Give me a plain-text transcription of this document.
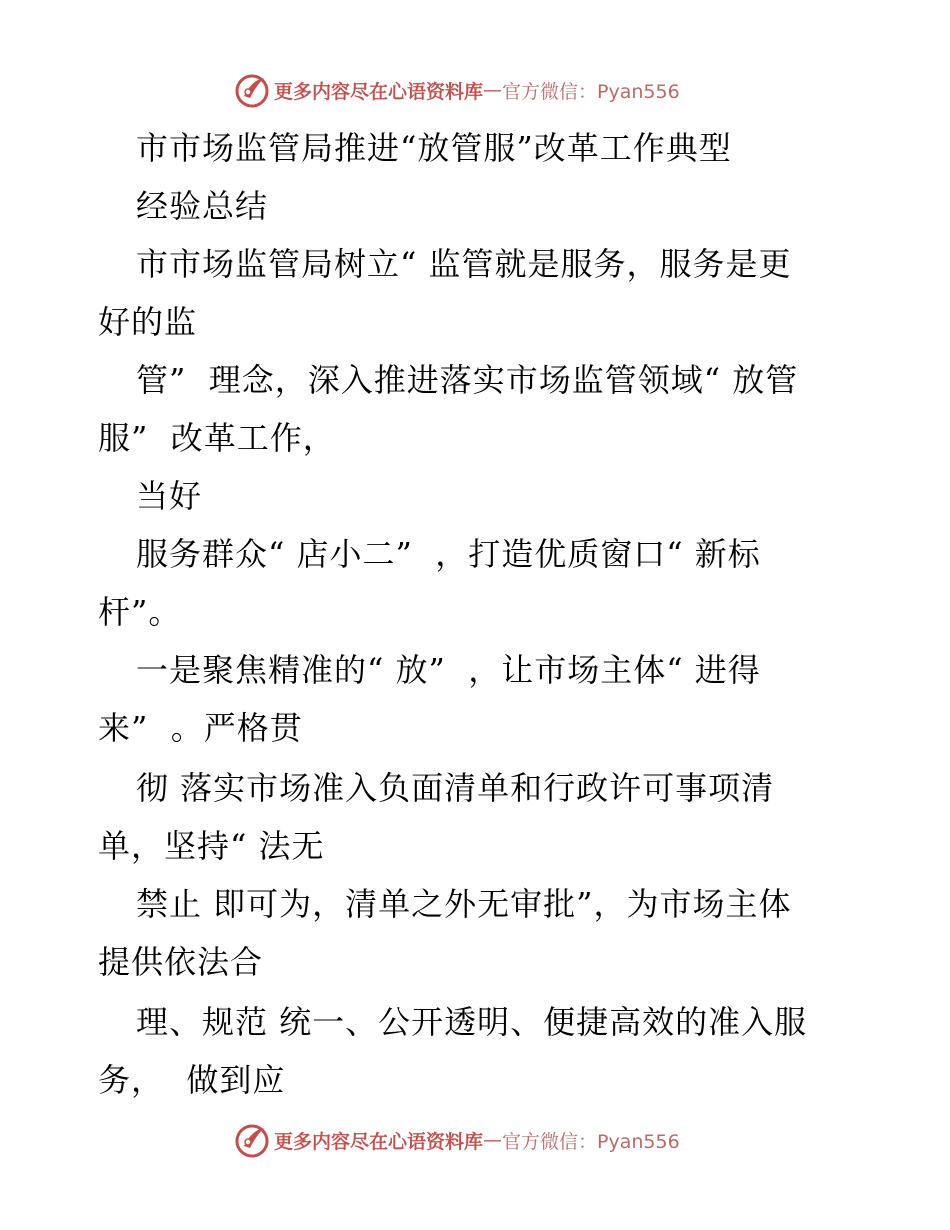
更多内容尽在心语资料库 — 官方微信：Pyan556
市市场监管局推进“放管服”改革工作典型
经验总结
市市场监管局树立“ 监管就是服务，服务是更
好的监
管”  理念，深入推进落实市场监管领域“ 放管
服”  改革工作，
当好
服务群众“ 店小二”  ，打造优质窗口“ 新标
杆”。
一是聚焦精准的“ 放”  ，让市场主体“ 进得
来”  。严格贯
彻 落实市场准入负面清单和行政许可事项清
单，坚持“ 法无
禁止 即可为，清单之外无审批”，为市场主体
提供依法合
理、规范 统一、公开透明、便捷高效的准入服
务，  做到应
更多内容尽在心语资料库 — 官方微信：Pyan556
